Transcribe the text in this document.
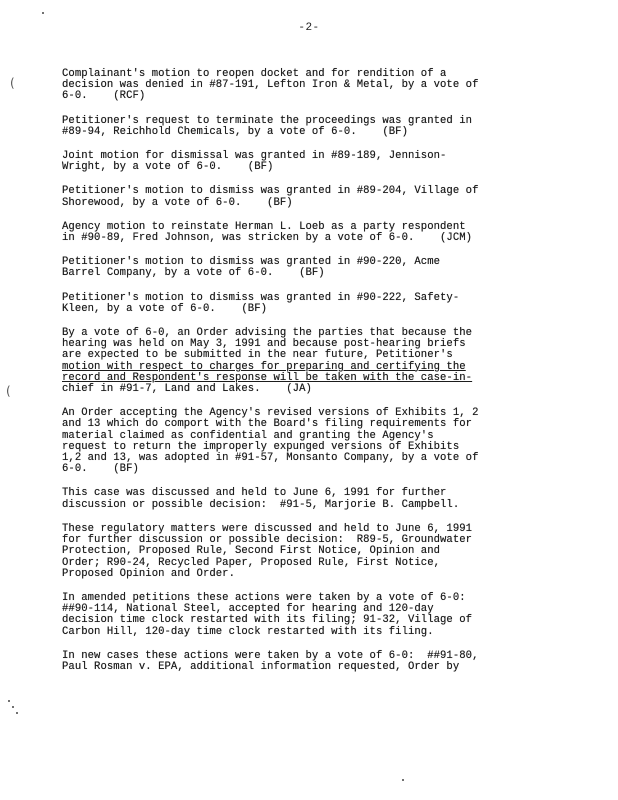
-2-
(
(
Complainant's motion to reopen docket and for rendition of a
decision was denied in #87-191, Lefton Iron & Metal, by a vote of
6-0.    (RCF)
Petitioner's request to terminate the proceedings was granted in
#89-94, Reichhold Chemicals, by a vote of 6-0.    (BF)
Joint motion for dismissal was granted in #89-189, Jennison-
Wright, by a vote of 6-0.    (BF)
Petitioner's motion to dismiss was granted in #89-204, Village of
Shorewood, by a vote of 6-0.    (BF)
Agency motion to reinstate Herman L. Loeb as a party respondent
in #90-89, Fred Johnson, was stricken by a vote of 6-0.    (JCM)
Petitioner's motion to dismiss was granted in #90-220, Acme
Barrel Company, by a vote of 6-0.    (BF)
Petitioner's motion to dismiss was granted in #90-222, Safety-
Kleen, by a vote of 6-0.    (BF)
By a vote of 6-0, an Order advising the parties that because the
hearing was held on May 3, 1991 and because post-hearing briefs
are expected to be submitted in the near future, Petitioner's
motion with respect to charges for preparing and certifying the
record and Respondent's response will be taken with the case-in-
chief in #91-7, Land and Lakes.    (JA)
An Order accepting the Agency's revised versions of Exhibits 1, 2
and 13 which do comport with the Board's filing requirements for
material claimed as confidential and granting the Agency's
request to return the improperly expunged versions of Exhibits
1,2 and 13, was adopted in #91-57, Monsanto Company, by a vote of
6-0.    (BF)
This case was discussed and held to June 6, 1991 for further
discussion or possible decision:  #91-5, Marjorie B. Campbell.
These regulatory matters were discussed and held to June 6, 1991
for further discussion or possible decision:  R89-5, Groundwater
Protection, Proposed Rule, Second First Notice, Opinion and
Order; R90-24, Recycled Paper, Proposed Rule, First Notice,
Proposed Opinion and Order.
In amended petitions these actions were taken by a vote of 6-0:
##90-114, National Steel, accepted for hearing and 120-day
decision time clock restarted with its filing; 91-32, Village of
Carbon Hill, 120-day time clock restarted with its filing.
In new cases these actions were taken by a vote of 6-0:  ##91-80,
Paul Rosman v. EPA, additional information requested, Order by
